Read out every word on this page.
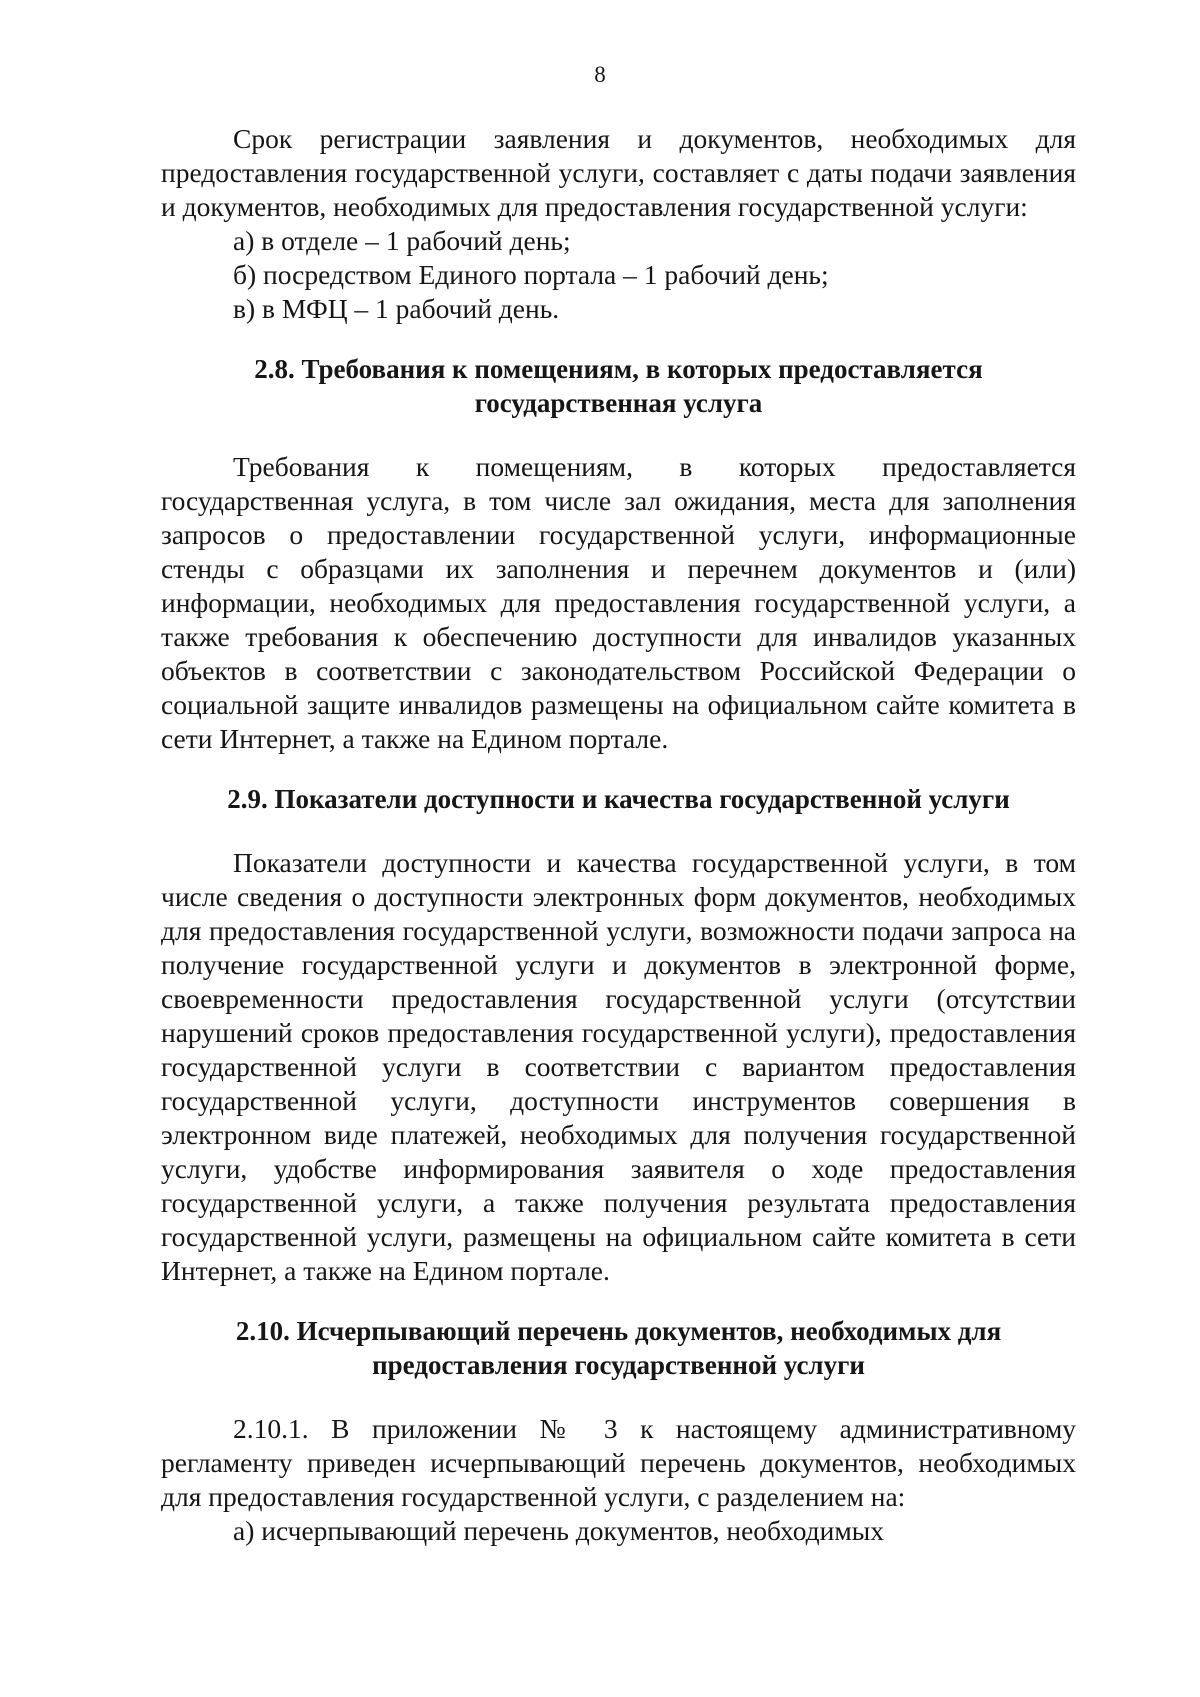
8

Срок регистрации заявления и документов, необходимых для предоставления государственной услуги, составляет с даты подачи заявления и документов, необходимых для предоставления государственной услуги:

а) в отделе – 1 рабочий день;

б) посредством Единого портала – 1 рабочий день;

в) в МФЦ – 1 рабочий день.

2.8. Требования к помещениям, в которых предоставляется государственная услуга

Требования к помещениям, в которых предоставляется государственная услуга, в том числе зал ожидания, места для заполнения запросов о предоставлении государственной услуги, информационные стенды с образцами их заполнения и перечнем документов и (или) информации, необходимых для предоставления государственной услуги, а также требования к обеспечению доступности для инвалидов указанных объектов в соответствии с законодательством Российской Федерации о социальной защите инвалидов размещены на официальном сайте комитета в сети Интернет, а также на Едином портале.

2.9. Показатели доступности и качества государственной услуги

Показатели доступности и качества государственной услуги, в том числе сведения о доступности электронных форм документов, необходимых для предоставления государственной услуги, возможности подачи запроса на получение государственной услуги и документов в электронной форме, своевременности предоставления государственной услуги (отсутствии нарушений сроков предоставления государственной услуги), предоставления государственной услуги в соответствии с вариантом предоставления государственной услуги, доступности инструментов совершения в электронном виде платежей, необходимых для получения государственной услуги, удобстве информирования заявителя о ходе предоставления государственной услуги, а также получения результата предоставления государственной услуги, размещены на официальном сайте комитета в сети Интернет, а также на Едином портале.

2.10. Исчерпывающий перечень документов, необходимых для предоставления государственной услуги

2.10.1. В приложении № 3 к настоящему административному регламенту приведен исчерпывающий перечень документов, необходимых для предоставления государственной услуги, с разделением на:

а) исчерпывающий перечень документов, необходимых
